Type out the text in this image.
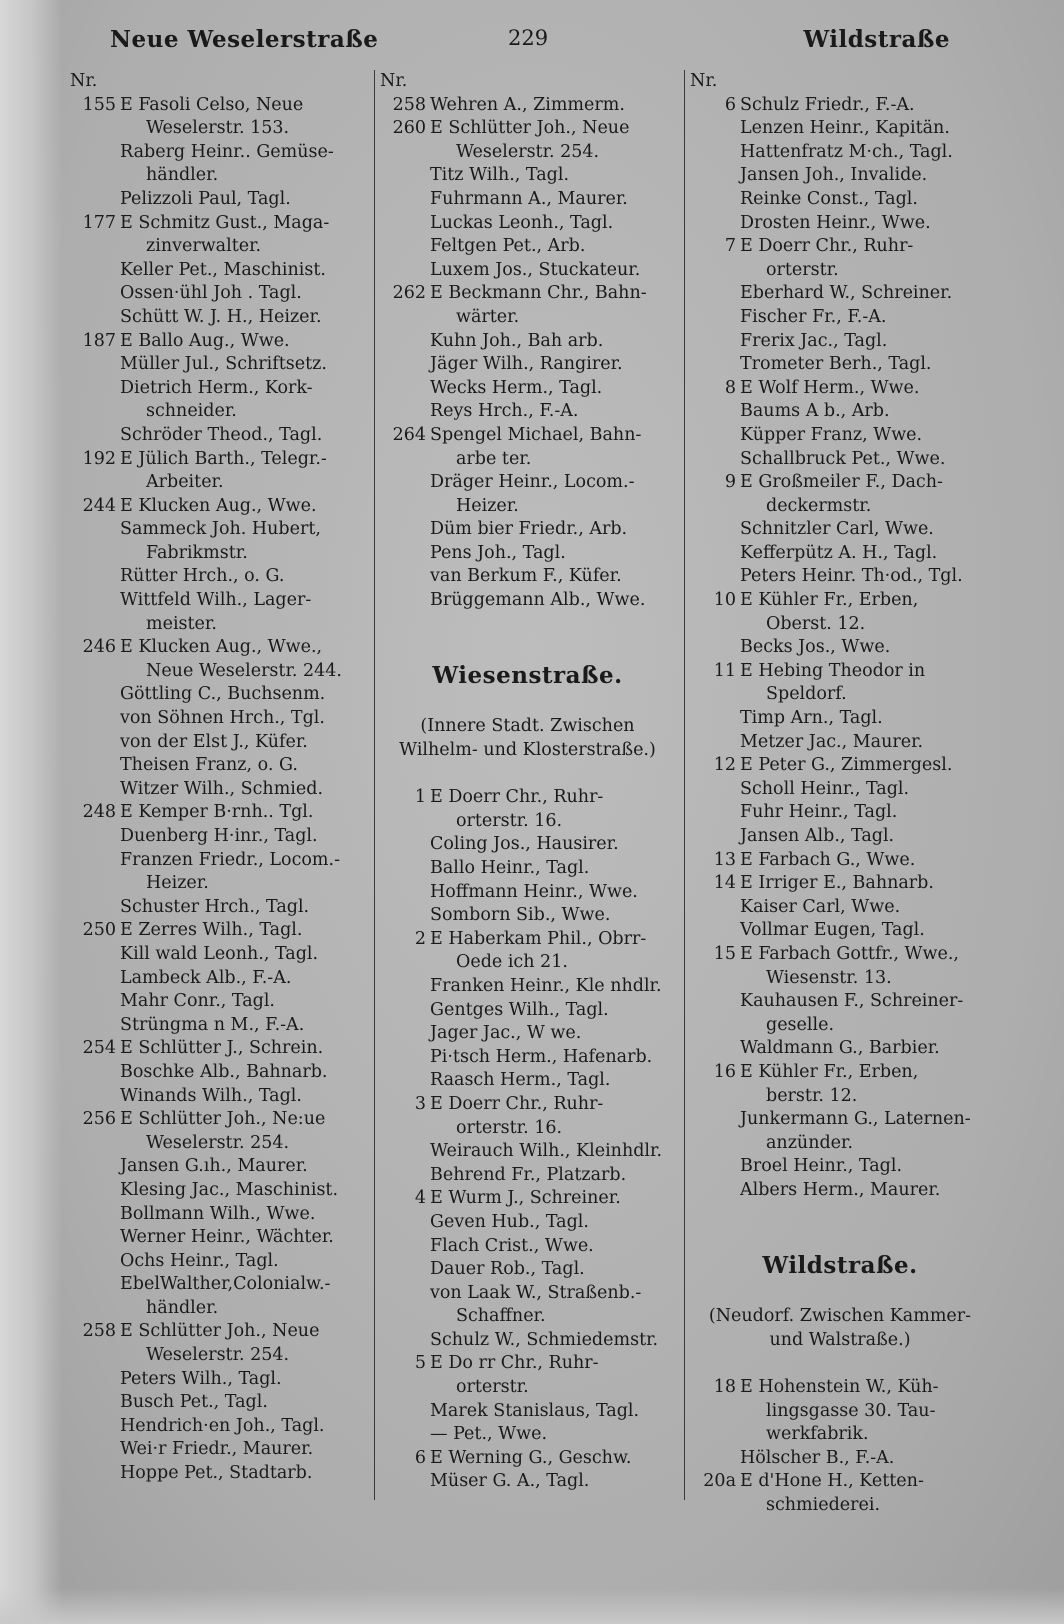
Neue Weselerstraße	229	Wildstraße
Nr.
155 E Fasoli Celso, Neue
Weselerstr. 153.
Raberg Heinr.. Gemüse-
händler.
Pelizzoli Paul, Tagl.
177 E Schmitz Gust., Maga-
zinverwalter.
Keller Pet., Maschinist.
Ossen·ühl Joh . Tagl.
Schütt W. J. H., Heizer.
187 E Ballo Aug., Wwe.
Müller Jul., Schriftsetz.
Dietrich Herm., Kork-
schneider.
Schröder Theod., Tagl.
192 E Jülich Barth., Telegr.-
Arbeiter.
244 E Klucken Aug., Wwe.
Sammeck Joh. Hubert,
Fabrikmstr.
Rütter Hrch., o. G.
Wittfeld Wilh., Lager-
meister.
246 E Klucken Aug., Wwe.,
Neue Weselerstr. 244.
Göttling C., Buchsenm.
von Söhnen Hrch., Tgl.
von der Elst J., Küfer.
Theisen Franz, o. G.
Witzer Wilh., Schmied.
248 E Kemper B·rnh.. Tgl.
Duenberg H·inr., Tagl.
Franzen Friedr., Locom.-
Heizer.
Schuster Hrch., Tagl.
250 E Zerres Wilh., Tagl.
Kill wald Leonh., Tagl.
Lambeck Alb., F.-A.
Mahr Conr., Tagl.
Strüngma n M., F.-A.
254 E Schlütter J., Schrein.
Boschke Alb., Bahnarb.
Winands Wilh., Tagl.
256 E Schlütter Joh., Ne:ue
Weselerstr. 254.
Jansen G.ıh., Maurer.
Klesing Jac., Maschinist.
Bollmann Wilh., Wwe.
Werner Heinr., Wächter.
Ochs Heinr., Tagl.
EbelWalther,Colonialw.-
händler.
258 E Schlütter Joh., Neue
Weselerstr. 254.
Peters Wilh., Tagl.
Busch Pet., Tagl.
Hendrich·en Joh., Tagl.
Wei·r Friedr., Maurer.
Hoppe Pet., Stadtarb.
Nr.
258 Wehren A., Zimmerm.
260 E Schlütter Joh., Neue
Weselerstr. 254.
Titz Wilh., Tagl.
Fuhrmann A., Maurer.
Luckas Leonh., Tagl.
Feltgen Pet., Arb.
Luxem Jos., Stuckateur.
262 E Beckmann Chr., Bahn-
wärter.
Kuhn Joh., Bah arb.
Jäger Wilh., Rangirer.
Wecks Herm., Tagl.
Reys Hrch., F.-A.
264 Spengel Michael, Bahn-
arbe ter.
Dräger Heinr., Locom.-
Heizer.
Düm bier Friedr., Arb.
Pens Joh., Tagl.
van Berkum F., Küfer.
Brüggemann Alb., Wwe.
Wiesenstraße.
(Innere Stadt. Zwischen
Wilhelm- und Klosterstraße.)
1 E Doerr Chr., Ruhr-
orterstr. 16.
Coling Jos., Hausirer.
Ballo Heinr., Tagl.
Hoffmann Heinr., Wwe.
Somborn Sib., Wwe.
2 E Haberkam Phil., Obrr-
Oede ich 21.
Franken Heinr., Kle nhdlr.
Gentges Wilh., Tagl.
Jager Jac., W we.
Pi·tsch Herm., Hafenarb.
Raasch Herm., Tagl.
3 E Doerr Chr., Ruhr-
orterstr. 16.
Weirauch Wilh., Kleinhdlr.
Behrend Fr., Platzarb.
4 E Wurm J., Schreiner.
Geven Hub., Tagl.
Flach Crist., Wwe.
Dauer Rob., Tagl.
von Laak W., Straßenb.-
Schaffner.
Schulz W., Schmiedemstr.
5 E Do rr Chr., Ruhr-
orterstr.
Marek Stanislaus, Tagl.
— Pet., Wwe.
6 E Werning G., Geschw.
Müser G. A., Tagl.
Nr.
6 Schulz Friedr., F.-A.
Lenzen Heinr., Kapitän.
Hattenfratz M·ch., Tagl.
Jansen Joh., Invalide.
Reinke Const., Tagl.
Drosten Heinr., Wwe.
7 E Doerr Chr., Ruhr-
orterstr.
Eberhard W., Schreiner.
Fischer Fr., F.-A.
Frerix Jac., Tagl.
Trometer Berh., Tagl.
8 E Wolf Herm., Wwe.
Baums A b., Arb.
Küpper Franz, Wwe.
Schallbruck Pet., Wwe.
9 E Großmeiler F., Dach-
deckermstr.
Schnitzler Carl, Wwe.
Kefferpütz A. H., Tagl.
Peters Heinr. Th·od., Tgl.
10 E Kühler Fr., Erben,
Oberst. 12.
Becks Jos., Wwe.
11 E Hebing Theodor in
Speldorf.
Timp Arn., Tagl.
Metzer Jac., Maurer.
12 E Peter G., Zimmergesl.
Scholl Heinr., Tagl.
Fuhr Heinr., Tagl.
Jansen Alb., Tagl.
13 E Farbach G., Wwe.
14 E Irriger E., Bahnarb.
Kaiser Carl, Wwe.
Vollmar Eugen, Tagl.
15 E Farbach Gottfr., Wwe.,
Wiesenstr. 13.
Kauhausen F., Schreiner-
geselle.
Waldmann G., Barbier.
16 E Kühler Fr., Erben,
berstr. 12.
Junkermann G., Laternen-
anzünder.
Broel Heinr., Tagl.
Albers Herm., Maurer.
Wildstraße.
(Neudorf. Zwischen Kammer-
und Walstraße.)
18 E Hohenstein W., Küh-
lingsgasse 30. Tau-
werkfabrik.
Hölscher B., F.-A.
20a E d'Hone H., Ketten-
schmiederei.
